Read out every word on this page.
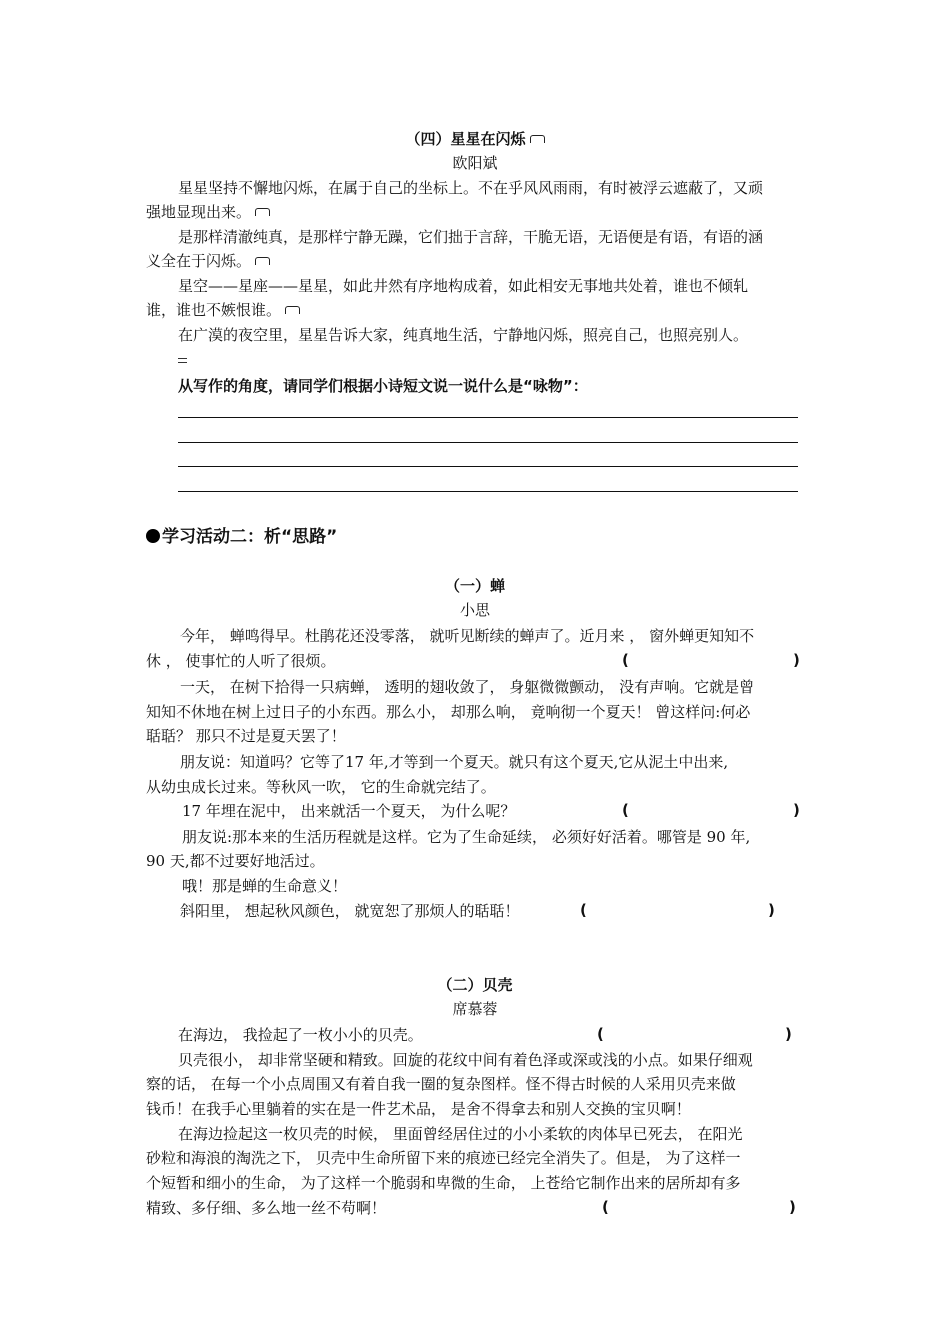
（四）星星在闪烁
欧阳斌
星星坚持不懈地闪烁，在属于自己的坐标上。不在乎风风雨雨，有时被浮云遮蔽了，又顽
强地显现出来。
是那样清澈纯真，是那样宁静无躁，它们拙于言辞，干脆无语，无语便是有语，有语的涵
义全在于闪烁。
星空——星座——星星，如此井然有序地构成着，如此相安无事地共处着，谁也不倾轧
谁，谁也不嫉恨谁。
在广漠的夜空里，星星告诉大家，纯真地生活，宁静地闪烁，照亮自己，也照亮别人。
从写作的角度，请同学们根据小诗短文说一说什么是“咏物”：
学习活动二：析“思路”
（一）蝉
小思
今年， 蝉鸣得早。杜鹃花还没零落， 就听见断续的蝉声了。近月来 ， 窗外蝉更知知不
休 ， 使事忙的人听了很烦。	(	)
一天， 在树下拾得一只病蝉， 透明的翅收敛了， 身躯微微颤动， 没有声响。它就是曾
知知不休地在树上过日子的小东西。那么小， 却那么响， 竟响彻一个夏天！ 曾这样问:何必
聒聒？ 那只不过是夏天罢了！
朋友说：知道吗？它等了17 年,才等到一个夏天。就只有这个夏天,它从泥土中出来,
从幼虫成长过来。等秋风一吹， 它的生命就完结了。
17 年埋在泥中， 出来就活一个夏天， 为什么呢？	(	)
朋友说:那本来的生活历程就是这样。它为了生命延续， 必须好好活着。哪管是 90 年,
90 天,都不过要好地活过。
哦！那是蝉的生命意义！
斜阳里， 想起秋风颜色， 就宽恕了那烦人的聒聒！	(	)
（二）贝壳
席慕蓉
在海边， 我捡起了一枚小小的贝壳。	(	)
贝壳很小， 却非常坚硬和精致。回旋的花纹中间有着色泽或深或浅的小点。如果仔细观
察的话， 在每一个小点周围又有着自我一圈的复杂图样。怪不得古时候的人采用贝壳来做
钱币！在我手心里躺着的实在是一件艺术品， 是舍不得拿去和别人交换的宝贝啊！
在海边捡起这一枚贝壳的时候， 里面曾经居住过的小小柔软的肉体早已死去， 在阳光
砂粒和海浪的淘洗之下， 贝壳中生命所留下来的痕迹已经完全消失了。但是， 为了这样一
个短暂和细小的生命， 为了这样一个脆弱和卑微的生命， 上苍给它制作出来的居所却有多
精致、多仔细、多么地一丝不苟啊！	(	)
